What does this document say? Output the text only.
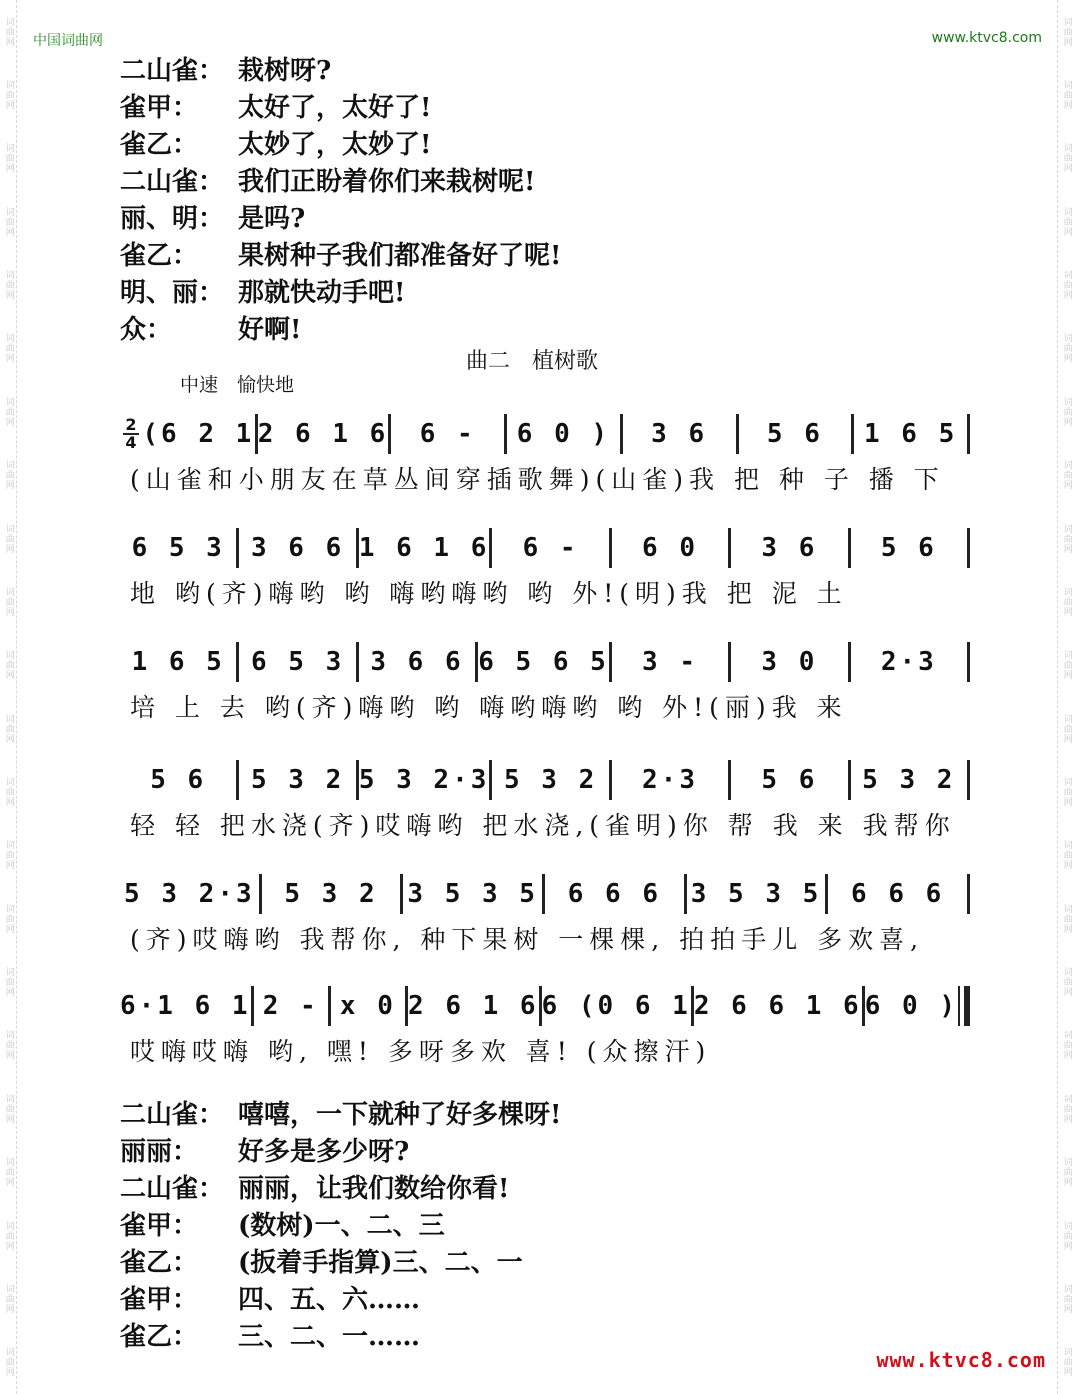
词曲网
词曲网
词曲网
词曲网
词曲网
词曲网
词曲网
词曲网
词曲网
词曲网
词曲网
词曲网
词曲网
词曲网
词曲网
词曲网
词曲网
词曲网
词曲网
词曲网
词曲网
词曲网
词曲网
词曲网
词曲网
词曲网
词曲网
词曲网
词曲网
词曲网
词曲网
词曲网
词曲网
词曲网
词曲网
词曲网
词曲网
词曲网
词曲网
词曲网
词曲网
词曲网
词曲网
词曲网
中国词曲网	www.ktvc8.com
二山雀： 栽树呀?
雀甲：	太好了，太好了!
雀乙：	太妙了，太妙了!
二山雀： 我们正盼着你们来栽树呢!
丽、明： 是吗?
雀乙：	果树种子我们都准备好了呢!
明、丽： 那就快动手吧!
众：	好啊!
曲二　植树歌
中速　愉快地
2
4 (6 2 1 2 6 1 6	6 -	6 0 )	3 6	5 6	1 6 5
(山雀和小朋友在草丛间穿插歌舞)(山雀)我 把 种 子 播 下
6 5 3	3 6 6 1 6 1 6	6 -	6 0	3 6	5 6
地 哟(齐)嗨哟 哟 嗨哟嗨哟 哟 外!(明)我 把 泥 土
1 6 5	6 5 3	3 6 6 6 5 6 5	3 -	3 0	2·3
培 上 去 哟(齐)嗨哟 哟 嗨哟嗨哟 哟 外!(丽)我 来
5 6	5 3 2 5 3 2·3 5 3 2	2·3	5 6	5 3 2
轻 轻 把水浇(齐)哎嗨哟 把水浇,(雀明)你 帮 我 来 我帮你
5 3 2·3	5 3 2	3 5 3 5	6 6 6	3 5 3 5	6 6 6
(齐)哎嗨哟 我帮你, 种下果树 一棵棵, 拍拍手儿 多欢喜,
6·1 6 1 2 - x 0 2 6 1 6 6 (0 6 1 2 6 6 1 6 6 0 )
哎嗨哎嗨 哟, 嘿! 多呀多欢 喜! (众擦汗)
二山雀： 嘻嘻，一下就种了好多棵呀!
丽丽：	好多是多少呀?
二山雀： 丽丽，让我们数给你看!
雀甲：	(数树)一、二、三
雀乙：	(扳着手指算)三、二、一
雀甲：	四、五、六……
雀乙：	三、二、一……
www.ktvc8.com
